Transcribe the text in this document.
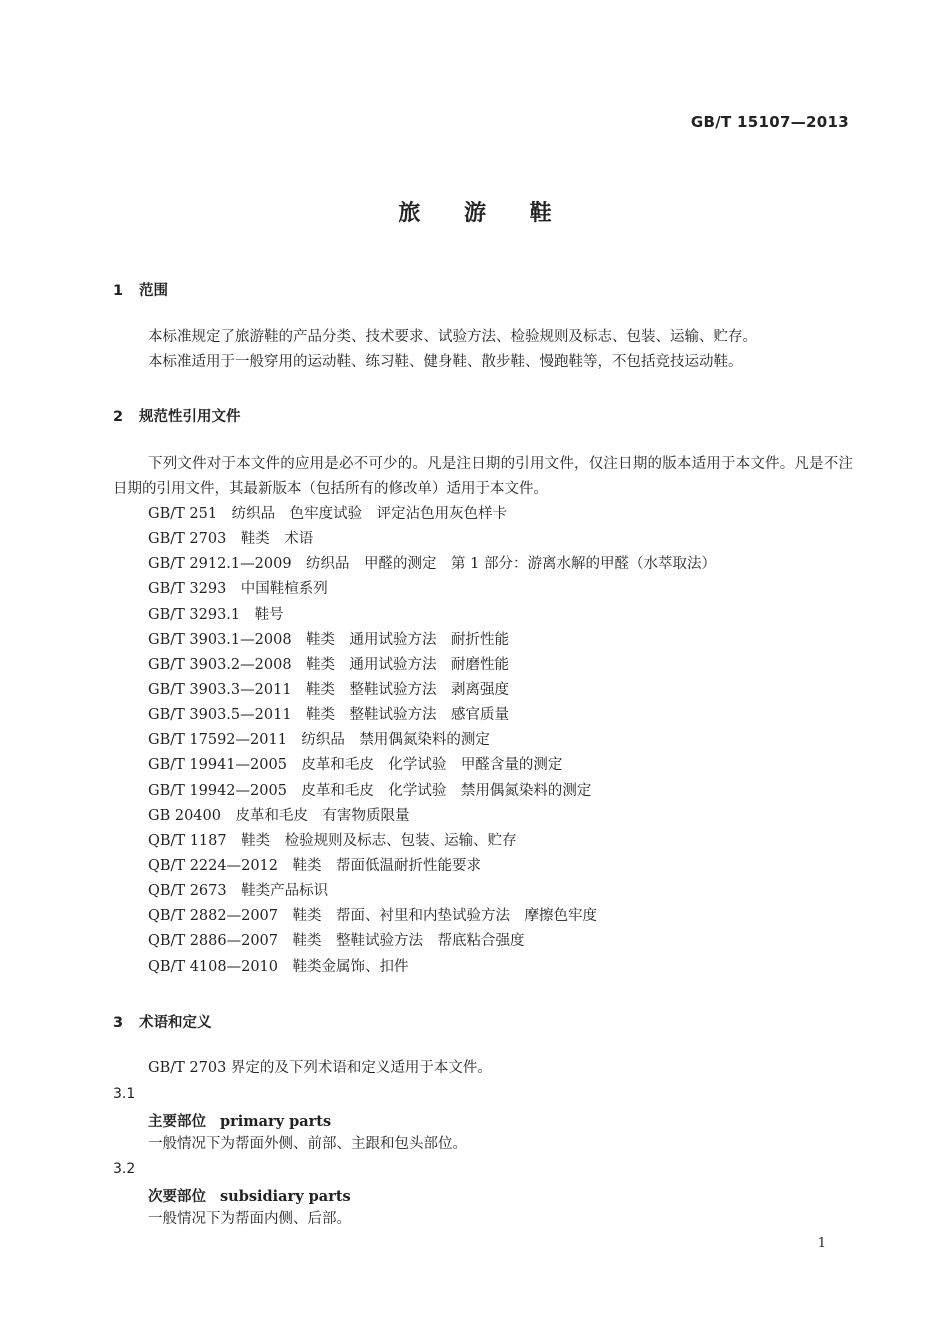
GB/T 15107—2013
旅 游 鞋
1 范围
本标准规定了旅游鞋的产品分类、技术要求、试验方法、检验规则及标志、包装、运输、贮存。
本标准适用于一般穿用的运动鞋、练习鞋、健身鞋、散步鞋、慢跑鞋等，不包括竞技运动鞋。
2 规范性引用文件
下列文件对于本文件的应用是必不可少的。凡是注日期的引用文件，仅注日期的版本适用于本文件。凡是不注日期的引用文件，其最新版本（包括所有的修改单）适用于本文件。
GB/T 251　纺织品　色牢度试验　评定沾色用灰色样卡
GB/T 2703　鞋类　术语
GB/T 2912.1—2009　纺织品　甲醛的测定　第 1 部分：游离水解的甲醛（水萃取法）
GB/T 3293　中国鞋楦系列
GB/T 3293.1　鞋号
GB/T 3903.1—2008　鞋类　通用试验方法　耐折性能
GB/T 3903.2—2008　鞋类　通用试验方法　耐磨性能
GB/T 3903.3—2011　鞋类　整鞋试验方法　剥离强度
GB/T 3903.5—2011　鞋类　整鞋试验方法　感官质量
GB/T 17592—2011　纺织品　禁用偶氮染料的测定
GB/T 19941—2005　皮革和毛皮　化学试验　甲醛含量的测定
GB/T 19942—2005　皮革和毛皮　化学试验　禁用偶氮染料的测定
GB 20400　皮革和毛皮　有害物质限量
QB/T 1187　鞋类　检验规则及标志、包装、运输、贮存
QB/T 2224—2012　鞋类　帮面低温耐折性能要求
QB/T 2673　鞋类产品标识
QB/T 2882—2007　鞋类　帮面、衬里和内垫试验方法　摩擦色牢度
QB/T 2886—2007　鞋类　整鞋试验方法　帮底粘合强度
QB/T 4108—2010　鞋类金属饰、扣件
3 术语和定义
GB/T 2703 界定的及下列术语和定义适用于本文件。
3.1
主要部位 primary parts
一般情况下为帮面外侧、前部、主跟和包头部位。
3.2
次要部位 subsidiary parts
一般情况下为帮面内侧、后部。
1
